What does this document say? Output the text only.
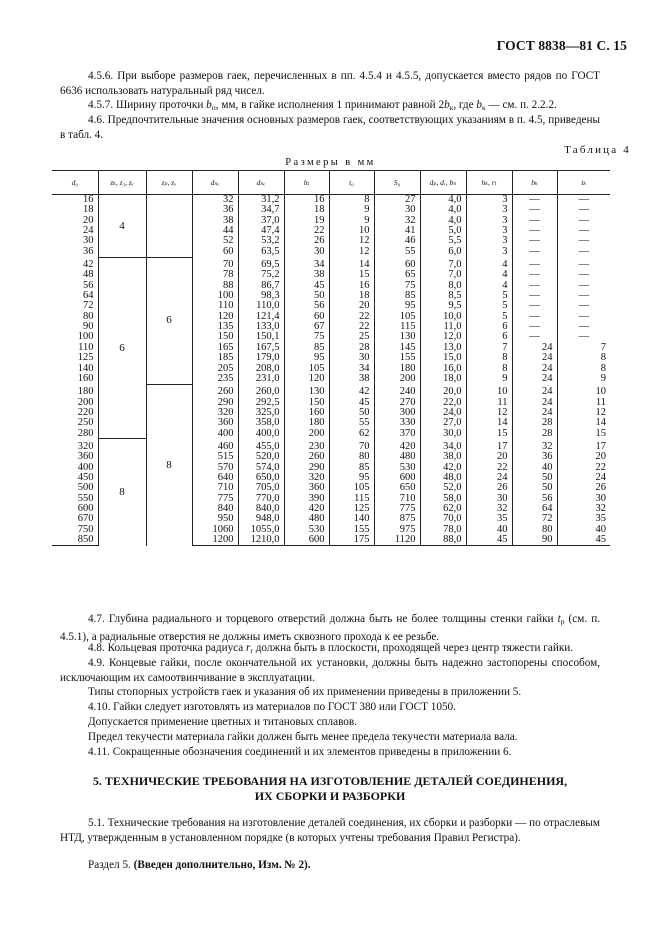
ГОСТ 8838—81 С. 15
4.5.6. При выборе размеров гаек, перечисленных в пп. 4.5.4 и 4.5.5, допускается вместо рядов по ГОСТ 6636 использовать натуральный ряд чисел.
4.5.7. Ширину проточки $b_п$, мм, в гайке исполнения 1 принимают равной $2b_к$, где $b_к$ — см. п. 2.2.2.
4.6. Предпочтительные значения основных размеров гаек, соответствующих указаниям в п. 4.5, приведены в табл. 4.
Таблица 4
Размеры в мм
d₀	zₖ, z₃, zₑ	zₚ, zₓ	dₙₑ	dₙₑ	hₜ	t₀	S₀	dₚ, dᵣ, bₙ	hₖ, rₜ	bₖ	tₖ
16	4		32	31,2	16	8	27	4,0	3	—	—
18			36	34,7	18	9	30	4,0	3	—	—
20			38	37,0	19	9	32	4,0	3	—	—
24			44	47,4	22	10	41	5,0	3	—	—
30			52	53,2	26	12	46	5,5	3	—	—
36			60	63,5	30	12	55	6,0	3	—	—
42	6	6	70	69,5	34	14	60	7,0	4	—	—
48			78	75,2	38	15	65	7,0	4	—	—
56			88	86,7	45	16	75	8,0	4	—	—
64			100	98,3	50	18	85	8,5	5	—	—
72			110	110,0	56	20	95	9,5	5	—	—
80			120	121,4	60	22	105	10,0	5	—	—
90			135	133,0	67	22	115	11,0	6	—	—
100			150	150,1	75	25	130	12,0	6	—	—
110			165	167,5	85	28	145	13,0	7	24	7
125			185	179,0	95	30	155	15,0	8	24	8
140			205	208,0	105	34	180	16,0	8	24	8
160			235	231,0	120	38	200	18,0	9	24	9
180		8	260	260,0	130	42	240	20,0	10	24	10
200			290	292,5	150	45	270	22,0	11	24	11
220			320	325,0	160	50	300	24,0	12	24	12
250			360	358,0	180	55	330	27,0	14	28	14
280			400	400,0	200	62	370	30,0	15	28	15
320	8		460	455,0	230	70	420	34,0	17	32	17
360			515	520,0	260	80	480	38,0	20	36	20
400			570	574,0	290	85	530	42,0	22	40	22
450			640	650,0	320	95	600	48,0	24	50	24
500			710	705,0	360	105	650	52,0	26	50	26
550			775	770,0	390	115	710	58,0	30	56	30
600			840	840,0	420	125	775	62,0	32	64	32
670			950	948,0	480	140	875	70,0	35	72	35
750			1060	1055,0	530	155	975	78,0	40	80	40
850			1200	1210,0	600	175	1120	88,0	45	90	45
4.7. Глубина радиального и торцевого отверстий должна быть не более толщины стенки гайки $t_p$ (см. п. 4.5.1), а радиальные отверстия не должны иметь сквозного прохода к ее резьбе.
4.8. Кольцевая проточка радиуса $r_r$ должна быть в плоскости, проходящей через центр тяжести гайки.
4.9. Концевые гайки, после окончательной их установки, должны быть надежно застопорены способом, исключающим их самоотвинчивание в эксплуатации.
Типы стопорных устройств гаек и указания об их применении приведены в приложении 5.
4.10. Гайки следует изготовлять из материалов по ГОСТ 380 или ГОСТ 1050.
Допускается применение цветных и титановых сплавов.
Предел текучести материала гайки должен быть менее предела текучести материала вала.
4.11. Сокращенные обозначения соединений и их элементов приведены в приложении 6.
5. ТЕХНИЧЕСКИЕ ТРЕБОВАНИЯ НА ИЗГОТОВЛЕНИЕ ДЕТАЛЕЙ СОЕДИНЕНИЯ,
ИХ СБОРКИ И РАЗБОРКИ
5.1. Технические требования на изготовление деталей соединения, их сборки и разборки — по отраслевым НТД, утвержденным в установленном порядке (в которых учтены требования Правил Регистра).
Раздел 5. (Введен дополнительно, Изм. № 2).
